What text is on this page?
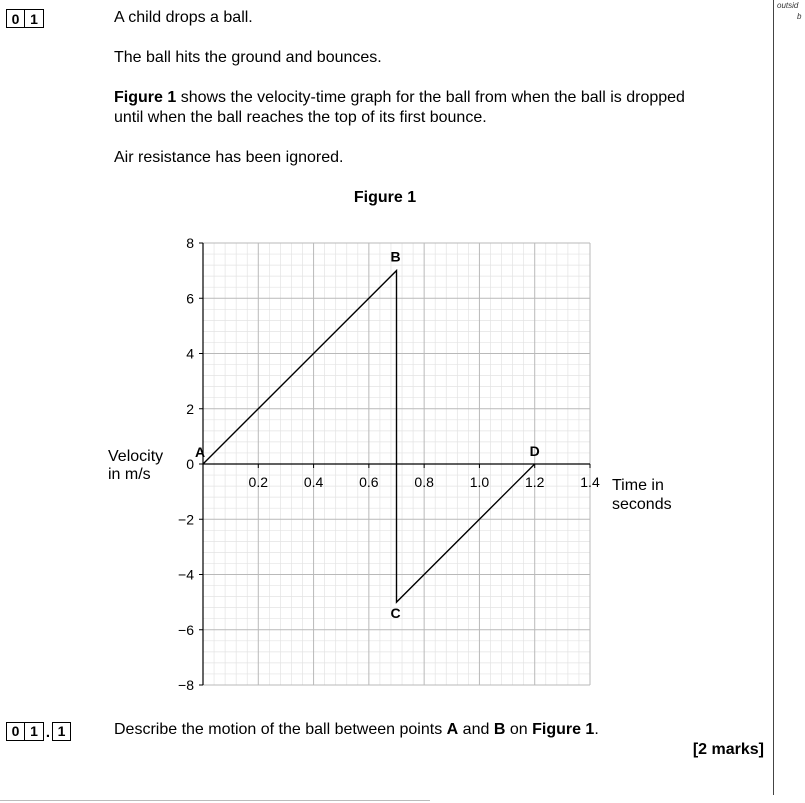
outsid
b
0 1	A child drops a ball.
The ball hits the ground and bounces.
Figure 1 shows the velocity-time graph for the ball from when the ball is dropped
until when the ball reaches the top of its first bounce.
Air resistance has been ignored.
Figure 1
0.2	0.4	0.6	0.8	1.0	1.2	1.4
8
6
4
2
0
−2
−4
−6
−8
A
B
C
D
Velocity
in m/s
Time in
seconds
0 1 . 1	Describe the motion of the ball between points A and B on Figure 1.
[2 marks]
